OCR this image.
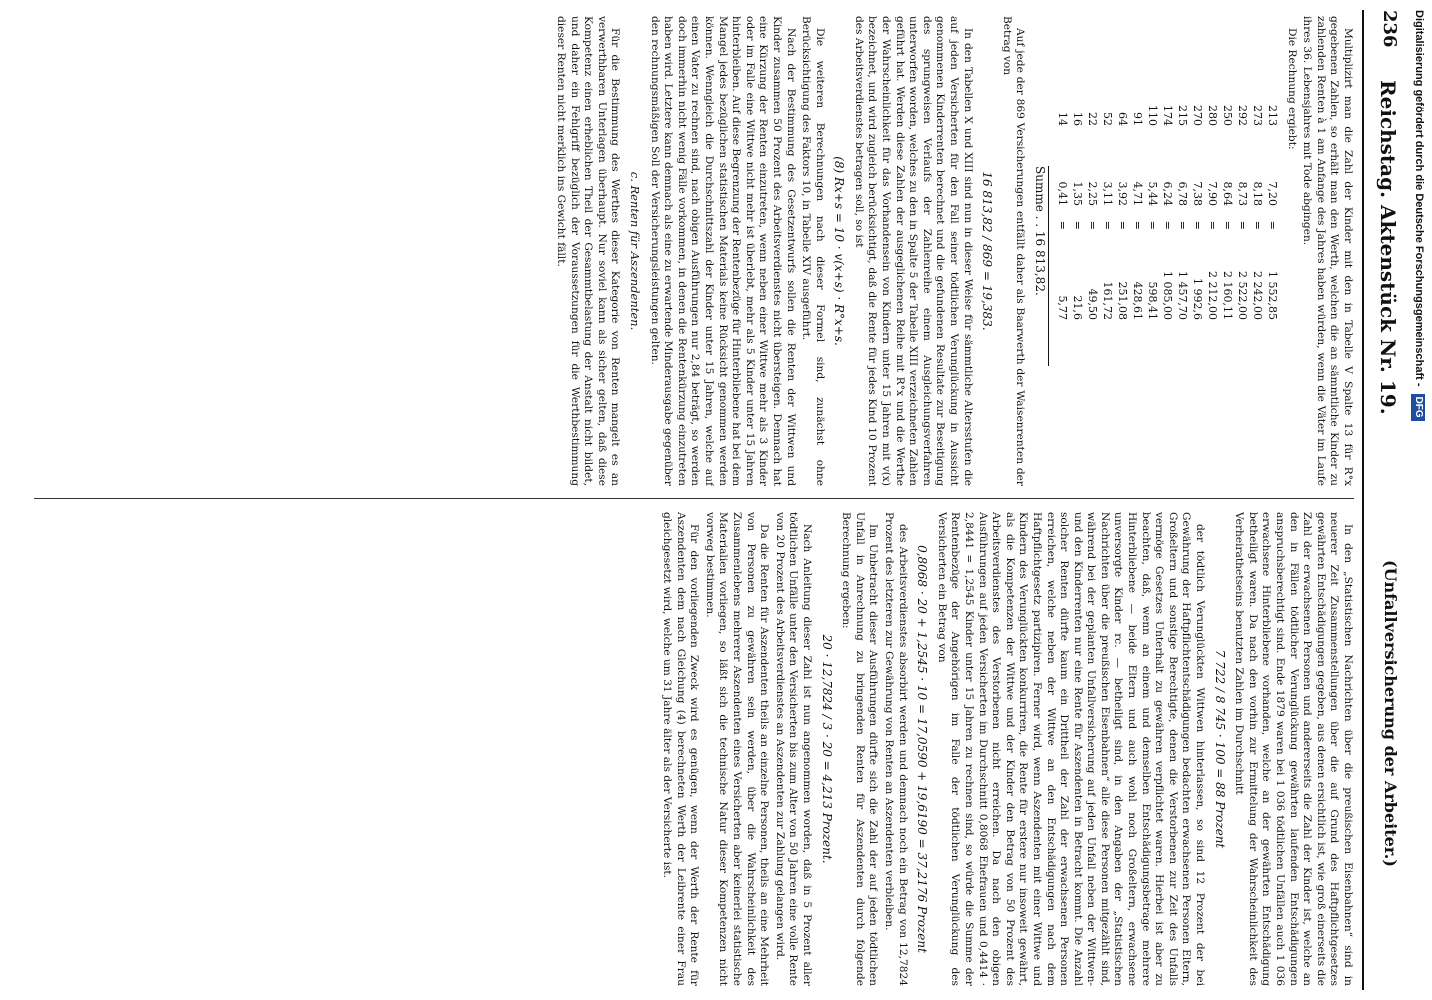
236
Reichstag. Aktenstück Nr. 19.
(Unfallversicherung der Arbeiter.)

Multiplizirt man die Zahl der Kinder mit den in Tabelle V Spalte 13 für R°x gegebenen Zahlen, so erhält man den Werth, welchen die an sämmtliche Kinder zu zahlenden Renten à 1 am Anfange des Jahres haben würden, wenn die Väter im Laufe ihres 36. Lebensjahres mit Tode abgingen.

Die Rechnung ergiebt:

213
7,20
=
1 552,85
273
8,18
=
2 242,00
292
8,73
=
2 522,00
250
8,64
=
2 160,11
280
7,90
=
2 212,00
270
7,38
=
1 992,6
215
6,78
=
1 457,70
174
6,24
=
1 085,00
110
5,44
=
598,41
91
4,71
=
428,61
64
3,92
=
251,08
52
3,11
=
161,72
22
2,25
=
49,50
16
1,35
=
21,6
14
0,41
=
5,77
Summe . . 16 813,82.

Auf jede der 869 Versicherungen entfällt daher als Baarwerth der Waisenrenten der Betrag von

16 813,82 / 869 = 19,383.

In den Tabellen X und XIII sind nun in dieser Weise für sämmtliche Altersstufen die auf jeden Versicherten für den Fall seiner tödtlichen Verunglückung in Aussicht genommenen Kinderrenten berechnet und die gefundenen Resultate zur Beseitigung des sprungweisen Verlaufs der Zahlenreihe einem Ausgleichungsverfahren unterworfen worden, welches zu den in Spalte 5 der Tabelle XIII verzeichneten Zahlen geführt hat. Werden diese Zahlen der ausgeglichenen Reihe mit R°x und die Werthe der Wahrscheinlichkeit für das Vorhandensein von Kindern unter 15 Jahren mit v(x) bezeichnet, und wird zugleich berücksichtigt, daß die Rente für jedes Kind 10 Prozent des Arbeitsverdienstes betragen soll, so ist

(8) Rx+s = 10 · v(x+s) · R°x+s.

Die weiteren Berechnungen nach dieser Formel sind, zunächst ohne Berücksichtigung des Faktors 10, in Tabelle XIV ausgeführt.

Nach der Bestimmung des Gesetzentwurfs sollen die Renten der Wittwen und Kinder zusammen 50 Prozent des Arbeitsverdienstes nicht übersteigen. Demnach hat eine Kürzung der Renten einzutreten, wenn neben einer Wittwe mehr als 3 Kinder oder im Falle eine Wittwe nicht mehr ist überlebt, mehr als 5 Kinder unter 15 Jahren hinterbleiben. Auf diese Begrenzung der Rentenbezüge für Hinterbliebene hat bei dem Mangel jedes bezüglichen statistischen Materials keine Rücksicht genommen werden können. Wenngleich die Durchschnittszahl der Kinder unter 15 Jahren, welche auf einen Vater zu rechnen sind, nach obigen Ausführungen nur 2,84 beträgt, so werden doch immerhin nicht wenig Fälle vorkommen, in denen die Rentenkürzung einzutreten haben wird. Letztere kann demnach als eine zu erwartende Minderausgabe gegenüber den rechnungsmäßigen Soll der Versicherungsleistungen gelten.

c. Renten für Aszendenten.

Für die Bestimmung des Werthes dieser Kategorie von Renten mangelt es an verwerthbaren Unterlagen überhaupt. Nur soviel kann als sicher gelten, daß diese Kompetenz einen erheblichen Theil der Gesammtbelastung der Anstalt nicht bildet, und daher ein Fehlgriff bezüglich der Voraussetzungen für die Werthbestimmung dieser Renten nicht merklich ins Gewicht fällt.

In den „Statistischen Nachrichten über die preußischen Eisenbahnen“ sind in neuerer Zeit Zusammenstellungen über die auf Grund des Haftpflichtgesetzes gewährten Entschädigungen gegeben, aus denen ersichtlich ist, wie groß einerseits die Zahl der erwachsenen Personen und andererseits die Zahl der Kinder ist, welche an den in Fällen tödtlicher Verunglückung gewährten laufenden Entschädigungen anspruchsberechtigt sind. Ende 1879 waren bei 1 036 tödtlichen Unfällen auch 1 036 erwachsene Hinterbliebene vorhanden, welche an der gewährten Entschädigung betheiligt waren. Da nach den vorhin zur Ermittelung der Wahrscheinlichkeit des Verheirathetseins benutzten Zahlen im Durchschnitt

7 722 / 8 745 · 100 = 88 Prozent

der tödtlich Verunglückten Wittwen hinterlassen, so sind 12 Prozent der bei Gewährung der Haftpflichtentschädigungen bedachten erwachsenen Personen Eltern, Großeltern und sonstige Berechtigte, denen die Verstorbenen zur Zeit des Unfalls vermöge Gesetzes Unterhalt zu gewähren verpflichtet waren. Hierbei ist aber zu beachten, daß, wenn an einem und demselben Entschädigungsbetrage mehrere Hinterbliebene — beide Eltern und auch wohl noch Großeltern, erwachsene unversorgte Kinder rc. — betheiligt sind, in den Angaben der „Statistischen Nachrichten über die preußischen Eisenbahnen“ alle diese Personen mitgezählt sind, während bei der geplanten Unfallversicherung auf jeden Unfall neben der Wittwen- und den Kinderrenten nur eine Rente für Aszendenten in Betracht kommt. Die Anzahl solcher Renten dürfte kaum ein Drittheil der Zahl der erwachsenen Personen erreichen, welche neben der Wittwe an den Entschädigungen nach dem Haftpflichtgesetz partizipiren. Ferner wird, wenn Aszendenten mit einer Wittwe und Kindern des Verunglückten konkurriren, die Rente für erstere nur insoweit gewährt, als die Kompetenzen der Wittwe und der Kinder den Betrag von 50 Prozent des Arbeitsverdienstes des Verstorbenen nicht erreichen. Da nach den obigen Ausführungen auf jeden Versicherten im Durchschnitt 0,8068 Ehefrauen und 0,4414 · 2,8441 = 1,2545 Kinder unter 15 Jahren zu rechnen sind, so würde die Summe der Rentenbezüge der Angehörigen im Falle der tödtlichen Verunglückung des Versicherten ein Betrag von

0,8068 · 20 + 1,2545 · 10 = 17,0590 + 19,6190 = 37,2176 Prozent

des Arbeitsverdienstes absorbirt werden und demnach noch ein Betrag von 12,7824 Prozent des letzteren zur Gewährung von Renten an Aszendenten verbleiben.

Im Unbetracht dieser Ausführungen dürfte sich die Zahl der auf jeden tödtlichen Unfall in Anrechnung zu bringenden Renten für Aszendenten durch folgende Berechnung ergeben:

20 · 12,7824 / 3 · 20 = 4,213 Prozent.

Nach Anleitung dieser Zahl ist nun angenommen worden, daß in 5 Prozent aller tödtlichen Unfälle unter den Versicherten bis zum Alter von 50 Jahren eine volle Rente von 20 Prozent des Arbeitsverdienstes an Aszendenten zur Zahlung gelangen wird.

Da die Renten für Aszendenten theils an einzelne Personen, theils an eine Mehrheit von Personen zu gewähren sein werden, über die Wahrscheinlichkeit des Zusammenlebens mehrerer Aszendenten eines Versicherten aber keinerlei statistische Materialien vorliegen, so läßt sich die technische Natur dieser Kompetenzen nicht vorweg bestimmen.

Für den vorliegenden Zweck wird es genügen, wenn der Werth der Rente für Aszendenten dem nach Gleichung (4) berechneten Werth der Leibrente einer Frau gleichgesetzt wird, welche um 31 Jahre älter als der Versicherte ist.

Digitalisierung gefördert durch die Deutsche Forschungsgemeinschaft - DFG
